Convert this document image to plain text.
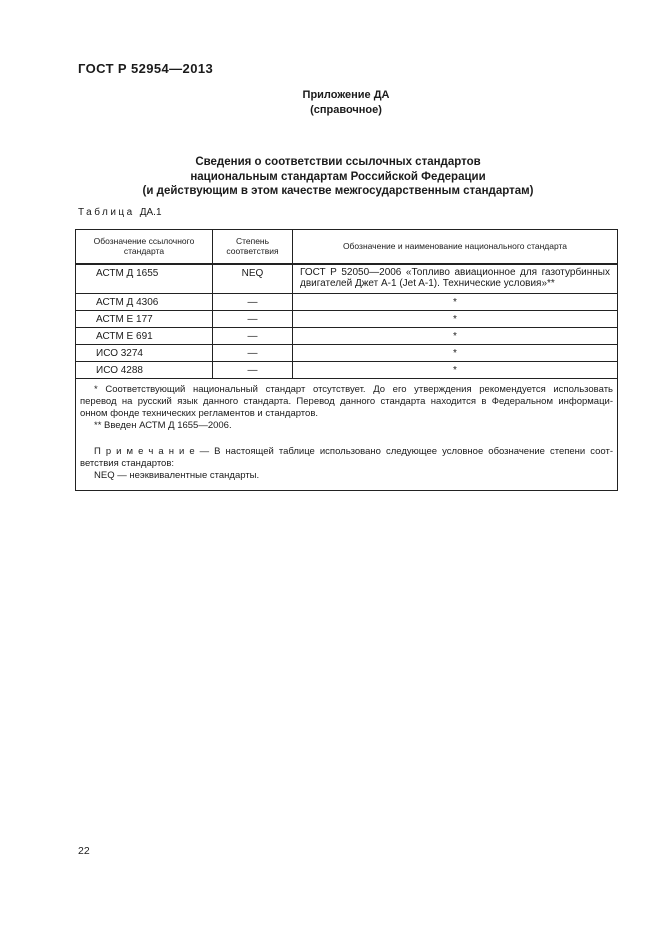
ГОСТ Р 52954—2013
Приложение ДА
(справочное)
Сведения о соответствии ссылочных стандартов
национальным стандартам Российской Федерации
(и действующим в этом качестве межгосударственным стандартам)
Таблица ДА.1
Обозначение ссылочного стандарта	Степень соответствия	Обозначение и наименование национального стандарта
АСТМ Д 1655	NEQ	ГОСТ Р 52050—2006 «Топливо авиационное для газотурбинных двигателей Джет А-1 (Jet A-1). Технические условия»**
АСТМ Д 4306	—	*
АСТМ Е 177	—	*
АСТМ Е 691	—	*
ИСО 3274	—	*
ИСО 4288	—	*

* Соответствующий национальный стандарт отсутствует. До его утверждения рекомендуется использовать
перевод на русский язык данного стандарта. Перевод данного стандарта находится в Федеральном информаци-
онном фонде технических регламентов и стандартов.
** Введен АСТМ Д 1655—2006.
П р и м е ч а н и е — В настоящей таблице использовано следующее условное обозначение степени соот-
ветствия стандартов:
NEQ — неэквивалентные стандарты.
22
